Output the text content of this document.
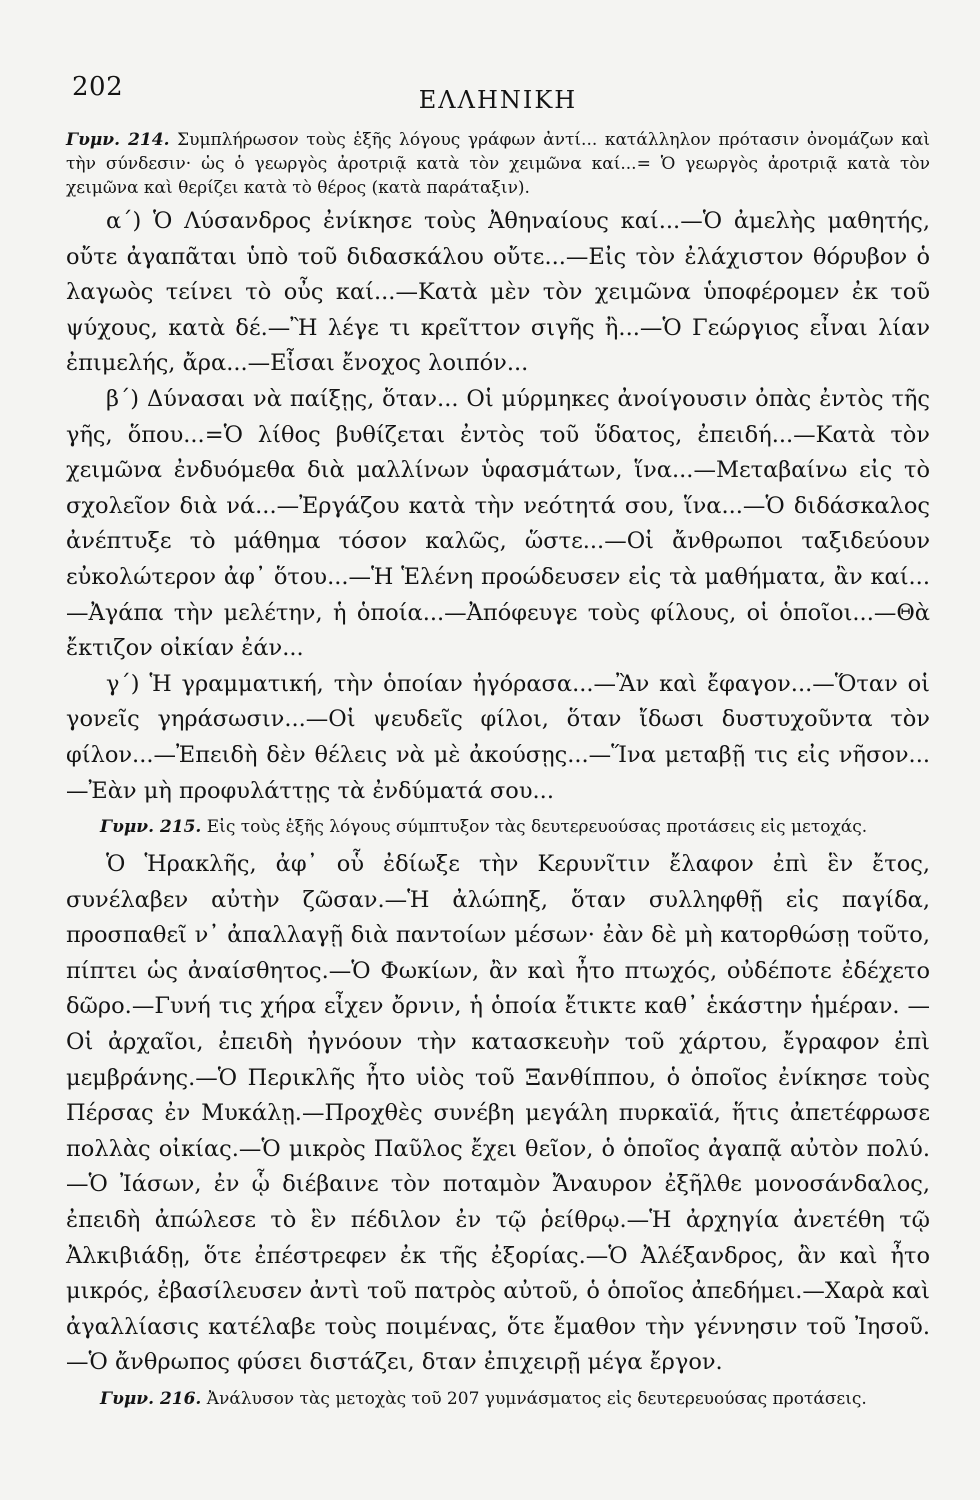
202	ΕΛΛΗΝΙΚΗ

Γυμν. 214. Συμπλήρωσον τοὺς ἑξῆς λόγους γράφων ἀντί... κατάλληλον πρότασιν ὀνομάζων καὶ τὴν σύνδεσιν· ὡς ὁ γεωργὸς ἀροτριᾷ κατὰ τὸν χειμῶνα καί...= Ὁ γεωργὸς ἀροτριᾷ κατὰ τὸν χειμῶνα καὶ θερίζει κατὰ τὸ θέρος (κατὰ παράταξιν).

α΄) Ὁ Λύσανδρος ἐνίκησε τοὺς Ἀθηναίους καί...—Ὁ ἀμελὴς μαθητής, οὔτε ἀγαπᾶται ὑπὸ τοῦ διδασκάλου οὔτε...—Εἰς τὸν ἐλάχιστον θόρυβον ὁ λαγωὸς τείνει τὸ οὖς καί...—Κατὰ μὲν τὸν χειμῶνα ὑποφέρομεν ἐκ τοῦ ψύχους, κατὰ δέ.—Ἢ λέγε τι κρεῖττον σιγῆς ἢ...—Ὁ Γεώργιος εἶναι λίαν ἐπιμελής, ἄρα...—Εἶσαι ἔνοχος λοιπόν...

β΄) Δύνασαι νὰ παίξῃς, ὅταν... Οἱ μύρμηκες ἀνοίγουσιν ὀπὰς ἐντὸς τῆς γῆς, ὅπου...=Ὁ λίθος βυθίζεται ἐντὸς τοῦ ὕδατος, ἐπειδή...—Κατὰ τὸν χειμῶνα ἐνδυόμεθα διὰ μαλλίνων ὑφασμάτων, ἵνα...—Μεταβαίνω εἰς τὸ σχολεῖον διὰ νά...—Ἐργάζου κατὰ τὴν νεότητά σου, ἵνα...—Ὁ διδάσκαλος ἀνέπτυξε τὸ μάθημα τόσον καλῶς, ὥστε...—Οἱ ἄνθρωποι ταξιδεύουν εὐκολώτερον ἀφ᾿ ὅτου...—Ἡ Ἑλένη προώδευσεν εἰς τὰ μαθήματα, ἂν καί...—Ἀγάπα τὴν μελέτην, ἡ ὁποία...—Ἀπόφευγε τοὺς φίλους, οἱ ὁποῖοι...—Θὰ ἔκτιζον οἰκίαν ἐάν...

γ΄) Ἡ γραμματική, τὴν ὁποίαν ἠγόρασα...—Ἂν καὶ ἔφαγον...—Ὅταν οἱ γονεῖς γηράσωσιν...—Οἱ ψευδεῖς φίλοι, ὅταν ἴδωσι δυστυχοῦντα τὸν φίλον...—Ἐπειδὴ δὲν θέλεις νὰ μὲ ἀκούσῃς...—Ἵνα μεταβῇ τις εἰς νῆσον...—Ἐὰν μὴ προφυλάττῃς τὰ ἐνδύματά σου...

Γυμν. 215. Εἰς τοὺς ἑξῆς λόγους σύμπτυξον τὰς δευτερευούσας προτάσεις εἰς μετοχάς.

Ὁ Ἡρακλῆς, ἀφ᾿ οὗ ἐδίωξε τὴν Κερυνῖτιν ἔλαφον ἐπὶ ἓν ἔτος, συνέλαβεν αὐτὴν ζῶσαν.—Ἡ ἀλώπηξ, ὅταν συλληφθῇ εἰς παγίδα, προσπαθεῖ ν᾿ ἀπαλλαγῇ διὰ παντοίων μέσων· ἐὰν δὲ μὴ κατορθώσῃ τοῦτο, πίπτει ὡς ἀναίσθητος.—Ὁ Φωκίων, ἂν καὶ ἦτο πτωχός, οὐδέποτε ἐδέχετο δῶρο.—Γυνή τις χήρα εἶχεν ὄρνιν, ἡ ὁποία ἔτικτε καθ᾿ ἑκάστην ἡμέραν. —Οἱ ἀρχαῖοι, ἐπειδὴ ἠγνόουν τὴν κατασκευὴν τοῦ χάρτου, ἔγραφον ἐπὶ μεμβράνης.—Ὁ Περικλῆς ἦτο υἱὸς τοῦ Ξανθίππου, ὁ ὁποῖος ἐνίκησε τοὺς Πέρσας ἐν Μυκάλῃ.—Προχθὲς συνέβη μεγάλη πυρκαϊά, ἥτις ἀπετέφρωσε πολλὰς οἰκίας.—Ὁ μικρὸς Παῦλος ἔχει θεῖον, ὁ ὁποῖος ἀγαπᾷ αὐτὸν πολύ.—Ὁ Ἰάσων, ἐν ᾧ διέβαινε τὸν ποταμὸν Ἄναυρον ἐξῆλθε μονοσάνδαλος, ἐπειδὴ ἀπώλεσε τὸ ἓν πέδιλον ἐν τῷ ῥείθρῳ.—Ἡ ἀρχηγία ἀνετέθη τῷ Ἀλκιβιάδῃ, ὅτε ἐπέστρεφεν ἐκ τῆς ἐξορίας.—Ὁ Ἀλέξανδρος, ἂν καὶ ἦτο μικρός, ἐβασίλευσεν ἀντὶ τοῦ πατρὸς αὐτοῦ, ὁ ὁποῖος ἀπεδήμει.—Χαρὰ καὶ ἀγαλλίασις κατέλαβε τοὺς ποιμένας, ὅτε ἔμαθον τὴν γέννησιν τοῦ Ἰησοῦ.—Ὁ ἄνθρωπος φύσει διστάζει, δταν ἐπιχειρῇ μέγα ἔργον.

Γυμν. 216. Ἀνάλυσον τὰς μετοχὰς τοῦ 207 γυμνάσματος εἰς δευτερευούσας προτάσεις.
